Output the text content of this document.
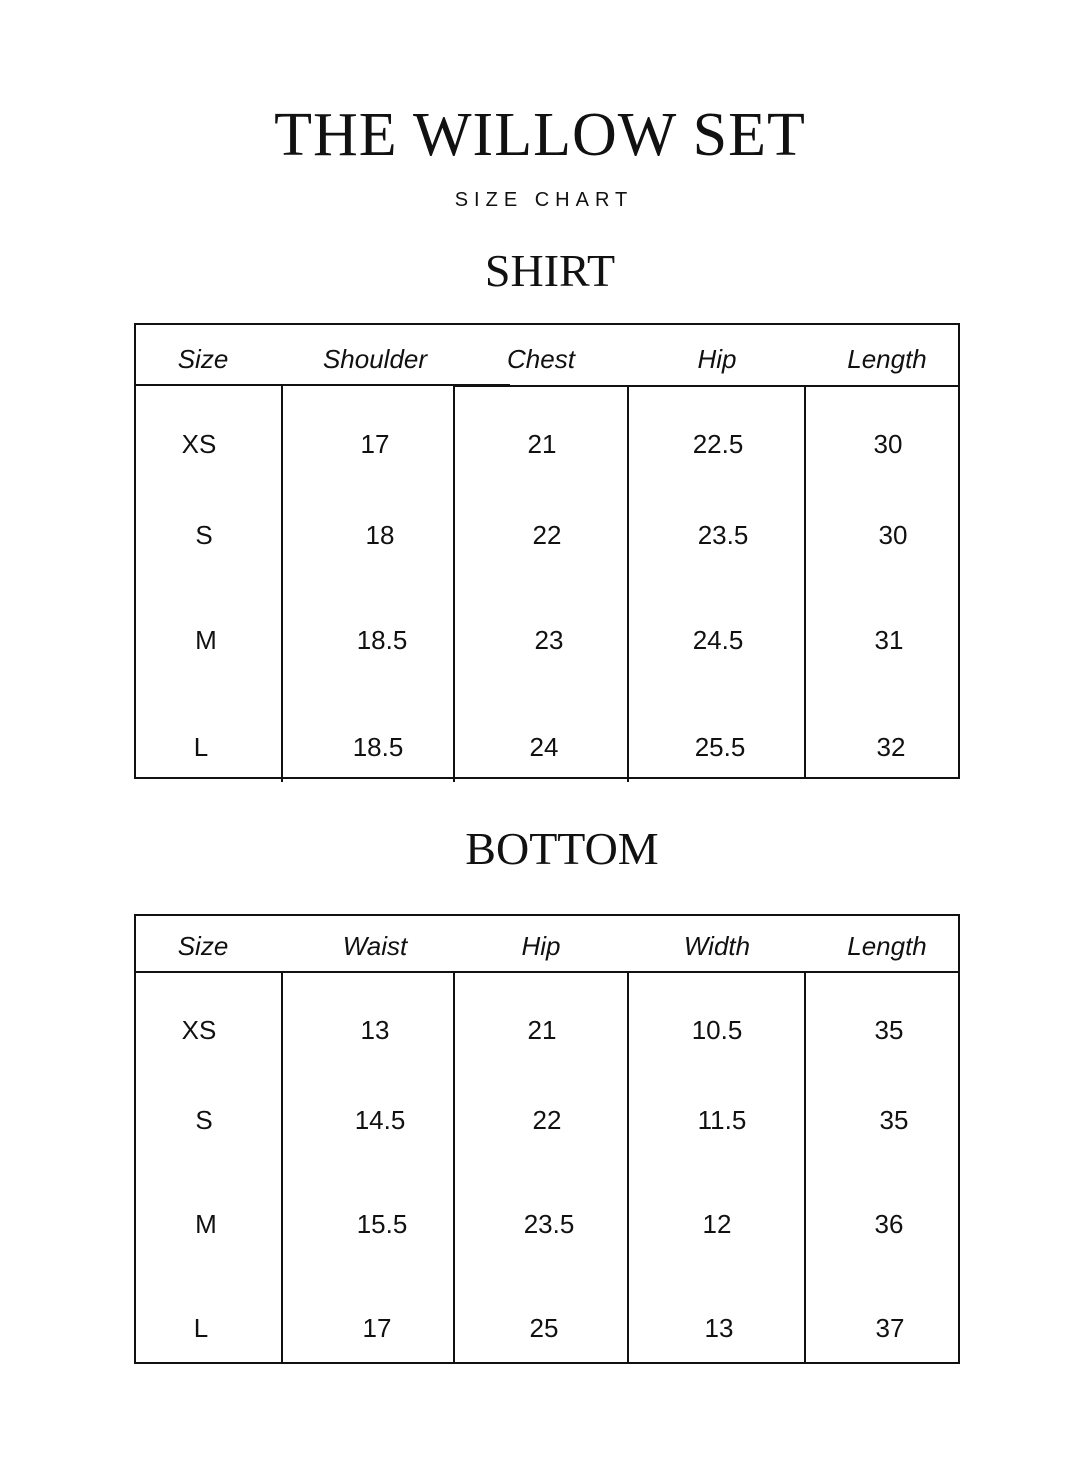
THE WILLOW SET
SIZE CHART
SHIRT
Size	Shoulder	Chest	Hip	Length
XS	17	21	22.5	30
S	18	22	23.5	30
M	18.5	23	24.5	31
L	18.5	24	25.5	32
BOTTOM
Size	Waist	Hip	Width	Length
XS	13	21	10.5	35
S	14.5	22	11.5	35
M	15.5	23.5	12	36
L	17	25	13	37
